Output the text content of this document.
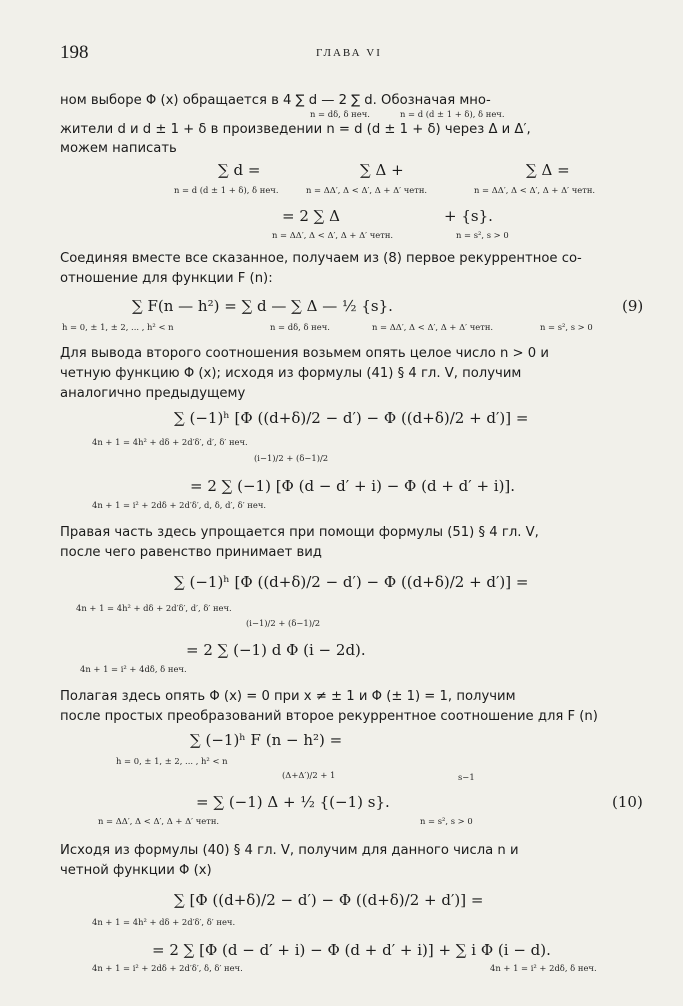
198	ГЛАВА VI
ном выборе Φ (x) обращается в 4 ∑ d — 2 ∑ d. Обозначая мно-
n = dδ, δ неч.	n = d (d ± 1 + δ), δ неч.
жители d и d ± 1 + δ в произведении n = d (d ± 1 + δ) через Δ и Δ′,
можем написать
∑ d =	∑ Δ +	∑ Δ =
n = d (d ± 1 + δ), δ неч.	n = ΔΔ′, Δ < Δ′, Δ + Δ′ четн.	n = ΔΔ′, Δ < Δ′, Δ + Δ′ четн.
= 2 ∑ Δ	+ {s}.
n = ΔΔ′, Δ < Δ′, Δ + Δ′ четн.	n = s², s > 0
Соединяя вместе все сказанное, получаем из (8) первое рекуррентное со-
отношение для функции F (n):
∑ F(n — h²) = ∑ d — ∑ Δ — ½ {s}.	(9)
h = 0, ± 1, ± 2, ... , h² < n	n = dδ, δ неч.	n = ΔΔ′, Δ < Δ′, Δ + Δ′ четн.	n = s², s > 0
Для вывода второго соотношения возьмем опять целое число n > 0 и
четную функцию Φ (x); исходя из формулы (41) § 4 гл. V, получим
аналогично предыдущему
∑ (−1)ʰ [Φ ((d+δ)/2 − d′) − Φ ((d+δ)/2 + d′)] =
4n + 1 = 4h² + dδ + 2d′δ′, d′, δ′ неч.
(i−1)/2 + (δ−1)/2
= 2 ∑ (−1) [Φ (d − d′ + i) − Φ (d + d′ + i)].
4n + 1 = i² + 2dδ + 2d′δ′, d, δ, d′, δ′ неч.
Правая часть здесь упрощается при помощи формулы (51) § 4 гл. V,
после чего равенство принимает вид
∑ (−1)ʰ [Φ ((d+δ)/2 − d′) − Φ ((d+δ)/2 + d′)] =
4n + 1 = 4h² + dδ + 2d′δ′, d′, δ′ неч.
(i−1)/2 + (δ−1)/2
= 2 ∑ (−1) d Φ (i − 2d).
4n + 1 = i² + 4dδ, δ неч.
Полагая здесь опять Φ (x) = 0 при x ≠ ± 1 и Φ (± 1) = 1, получим
после простых преобразований второе рекуррентное соотношение для F (n)
∑ (−1)ʰ F (n − h²) =
h = 0, ± 1, ± 2, ... , h² < n
(Δ+Δ′)/2 + 1	s−1
= ∑ (−1) Δ + ½ {(−1) s}.	(10)
n = ΔΔ′, Δ < Δ′, Δ + Δ′ четн.	n = s², s > 0
Исходя из формулы (40) § 4 гл. V, получим для данного числа n и
четной функции Φ (x)
∑ [Φ ((d+δ)/2 − d′) − Φ ((d+δ)/2 + d′)] =
4n + 1 = 4h² + dδ + 2d′δ′, δ′ неч.
= 2 ∑ [Φ (d − d′ + i) − Φ (d + d′ + i)] + ∑ i Φ (i − d).
4n + 1 = i² + 2dδ + 2d′δ′, δ, δ′ неч.	4n + 1 = i² + 2dδ, δ неч.
